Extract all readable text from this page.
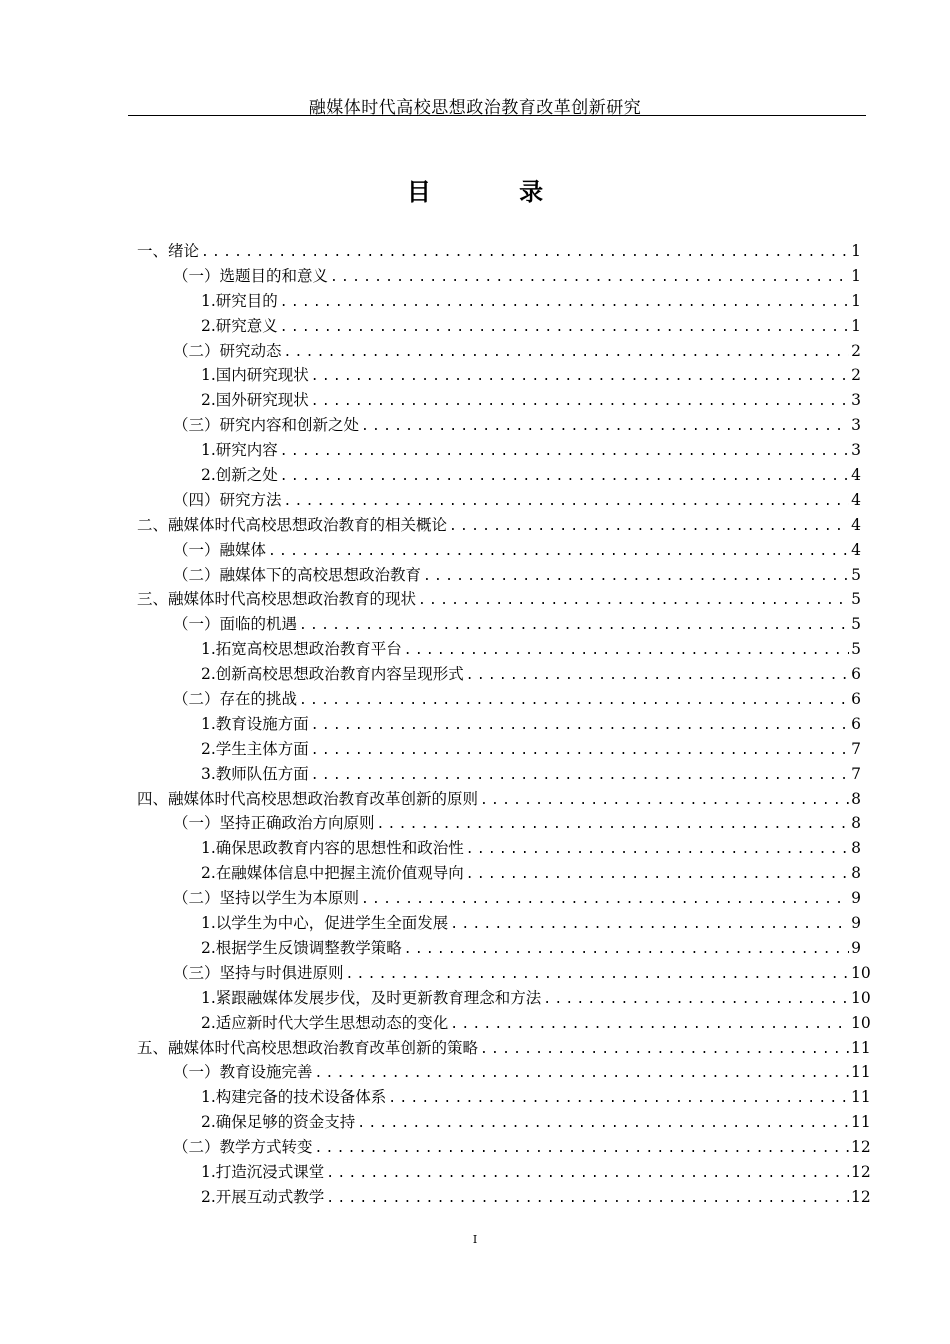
融媒体时代高校思想政治教育改革创新研究
目 录
一、绪论 .....	1
（一）选题目的和意义 .....	1
1.研究目的 .....	1
2.研究意义 .....	1
（二）研究动态 .....	2
1.国内研究现状 .....	2
2.国外研究现状 .....	3
（三）研究内容和创新之处 .....	3
1.研究内容 .....	3
2.创新之处 .....	4
（四）研究方法 .....	4
二、融媒体时代高校思想政治教育的相关概论 .....	4
（一）融媒体 .....	4
（二）融媒体下的高校思想政治教育 .....	5
三、融媒体时代高校思想政治教育的现状 .....	5
（一）面临的机遇 .....	5
1.拓宽高校思想政治教育平台 .....	5
2.创新高校思想政治教育内容呈现形式 .....	6
（二）存在的挑战 .....	6
1.教育设施方面 .....	6
2.学生主体方面 .....	7
3.教师队伍方面 .....	7
四、融媒体时代高校思想政治教育改革创新的原则 .....	8
（一）坚持正确政治方向原则 .....	8
1.确保思政教育内容的思想性和政治性 .....	8
2.在融媒体信息中把握主流价值观导向 .....	8
（二）坚持以学生为本原则 .....	9
1.以学生为中心，促进学生全面发展 .....	9
2.根据学生反馈调整教学策略 .....	9
（三）坚持与时俱进原则 .....	10
1.紧跟融媒体发展步伐，及时更新教育理念和方法 .....	10
2.适应新时代大学生思想动态的变化 .....	10
五、融媒体时代高校思想政治教育改革创新的策略 .....	11
（一）教育设施完善 .....	11
1.构建完备的技术设备体系 .....	11
2.确保足够的资金支持 .....	11
（二）教学方式转变 .....	12
1.打造沉浸式课堂 .....	12
2.开展互动式教学 .....	12
I
